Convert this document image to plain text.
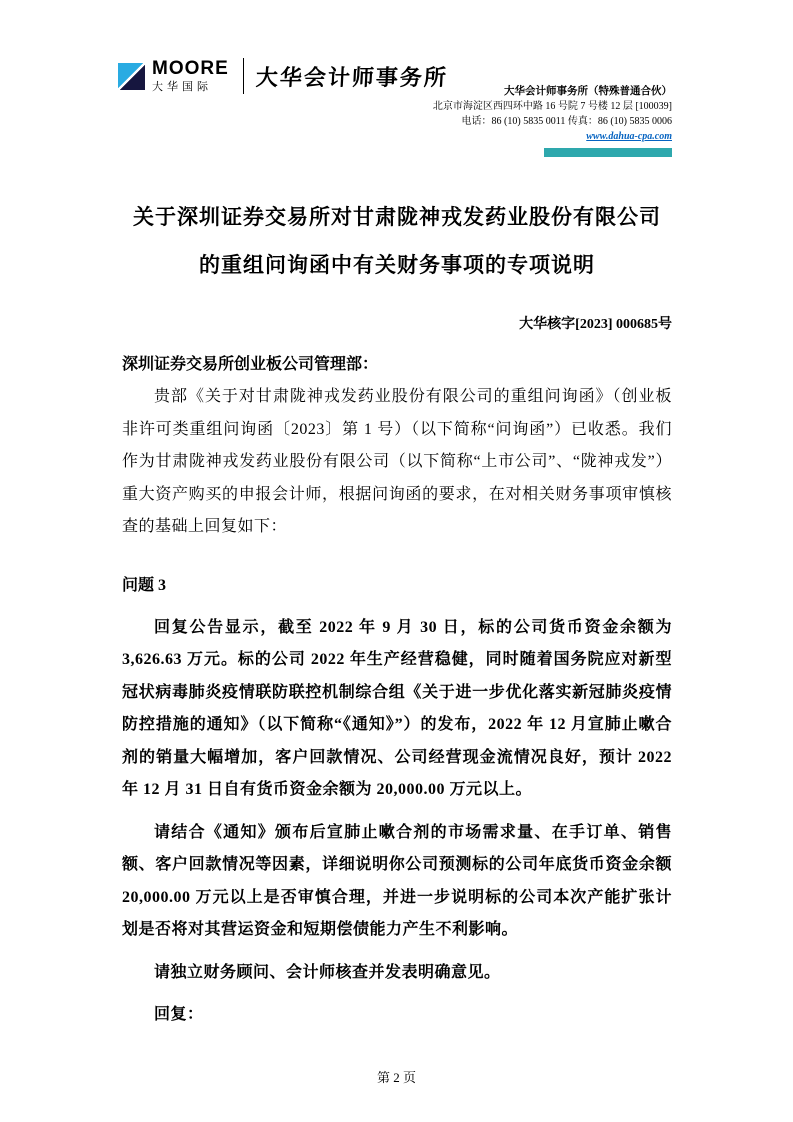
MOORE
大华国际	大华会计师事务所
大华会计师事务所（特殊普通合伙）
北京市海淀区西四环中路 16 号院 7 号楼 12 层 [100039]
电话：86 (10) 5835 0011 传真：86 (10) 5835 0006
www.dahua-cpa.com
关于深圳证券交易所对甘肃陇神戎发药业股份有限公司
的重组问询函中有关财务事项的专项说明
大华核字[2023] 000685号

深圳证券交易所创业板公司管理部：

贵部《关于对甘肃陇神戎发药业股份有限公司的重组问询函》（创业板非许可类重组问询函〔2023〕第 1 号）（以下简称“问询函”）已收悉。我们作为甘肃陇神戎发药业股份有限公司（以下简称“上市公司”、“陇神戎发”）重大资产购买的申报会计师，根据问询函的要求，在对相关财务事项审慎核查的基础上回复如下：

问题 3

回复公告显示，截至 2022 年 9 月 30 日，标的公司货币资金余额为 3,626.63 万元。标的公司 2022 年生产经营稳健，同时随着国务院应对新型冠状病毒肺炎疫情联防联控机制综合组《关于进一步优化落实新冠肺炎疫情防控措施的通知》（以下简称“《通知》”）的发布，2022 年 12 月宣肺止嗽合剂的销量大幅增加，客户回款情况、公司经营现金流情况良好，预计 2022 年 12 月 31 日自有货币资金余额为 20,000.00 万元以上。

请结合《通知》颁布后宣肺止嗽合剂的市场需求量、在手订单、销售额、客户回款情况等因素，详细说明你公司预测标的公司年底货币资金余额 20,000.00 万元以上是否审慎合理，并进一步说明标的公司本次产能扩张计划是否将对其营运资金和短期偿债能力产生不利影响。

请独立财务顾问、会计师核查并发表明确意见。

回复：

第 2 页
